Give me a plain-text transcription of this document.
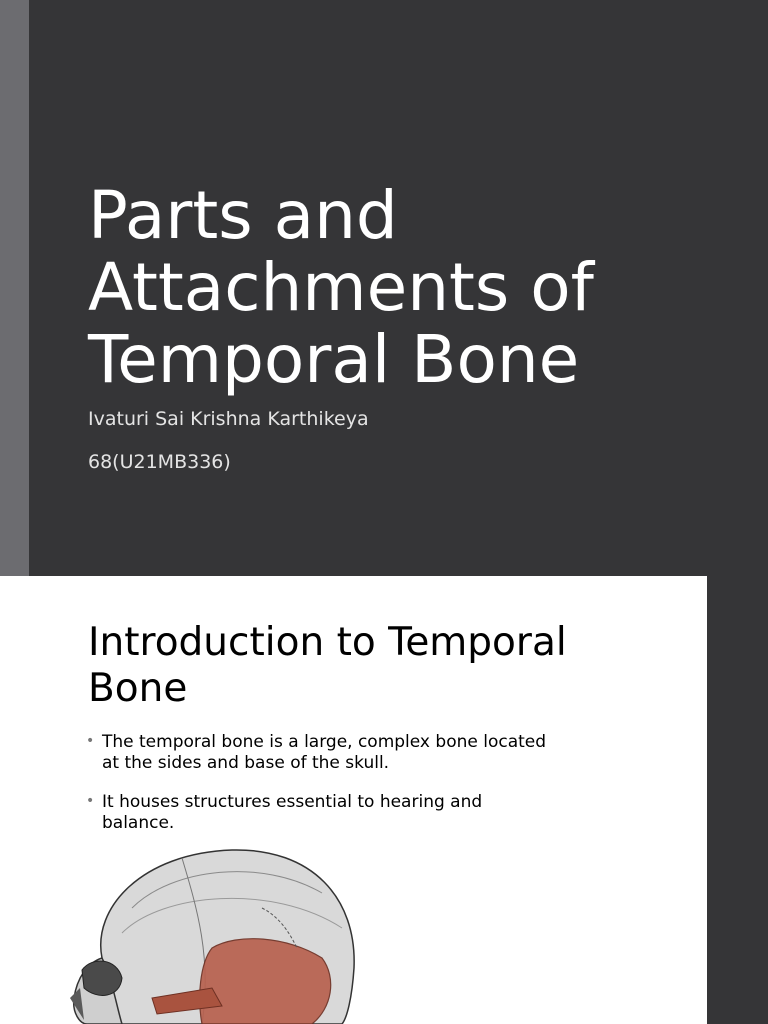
Parts and
Attachments of
Temporal Bone

Ivaturi Sai Krishna Karthikeya

68(U21MB336)

Introduction to Temporal
Bone
• The temporal bone is a large, complex bone located
at the sides and base of the skull.
• It houses structures essential to hearing and
balance.
